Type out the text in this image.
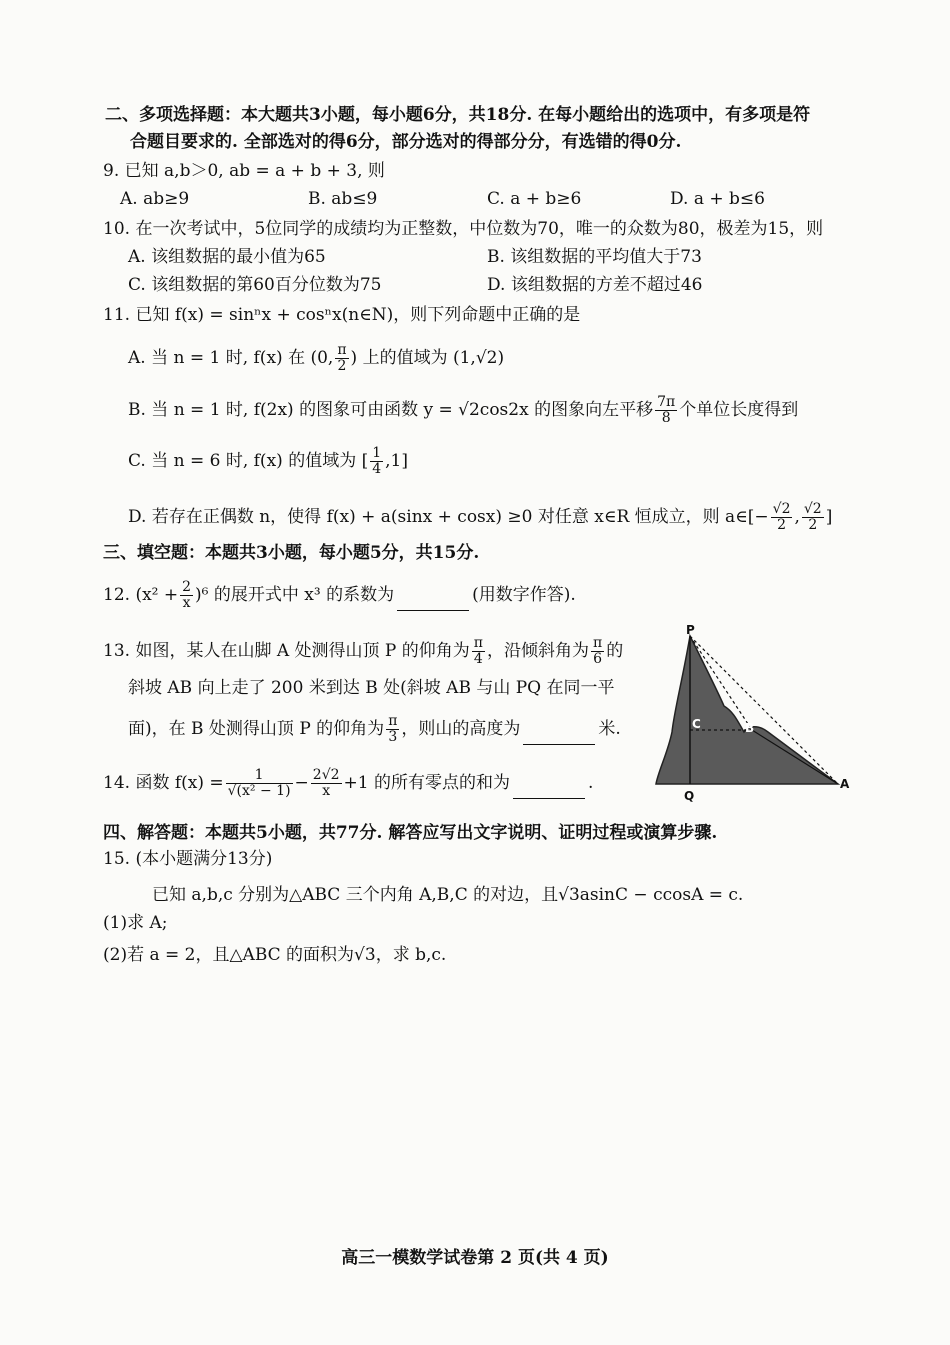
二、多项选择题：本大题共3小题，每小题6分，共18分. 在每小题给出的选项中，有多项是符
合题目要求的. 全部选对的得6分，部分选对的得部分分，有选错的得0分.
9. 已知 a,b＞0, ab = a + b + 3, 则
A. ab≥9	B. ab≤9	C. a + b≥6	D. a + b≤6
10. 在一次考试中，5位同学的成绩均为正整数，中位数为70，唯一的众数为80，极差为15，则
A. 该组数据的最小值为65	B. 该组数据的平均值大于73
C. 该组数据的第60百分位数为75	D. 该组数据的方差不超过46
11. 已知 f(x) = sinⁿx + cosⁿx(n∈N)，则下列命题中正确的是
A. 当 n = 1 时, f(x) 在 (0, $\frac{\pi}{2}$ ) 上的值域为 (1,√2)
B. 当 n = 1 时, f(2x) 的图象可由函数 y = √2cos2x 的图象向左平移 $\frac{7\pi}{8}$ 个单位长度得到
C. 当 n = 6 时, f(x) 的值域为 [ $\frac{1}{4} ,1$]
D. 若存在正偶数 n，使得 f(x) + a(sinx + cosx) ≥0 对任意 x∈R 恒成立，则 a∈[− $\frac{√2}{2}$ , $\frac{√2}{2}$ ]
三、填空题：本题共3小题，每小题5分，共15分.
12. $(x^2 + \frac{2}{x} )^6$ 的展开式中 x³ 的系数为	(用数字作答).
13. 如图，某人在山脚 A 处测得山顶 P 的仰角为 $\frac{\pi}{4}$ ，沿倾斜角为 $\frac{\pi}{6}$ 的
斜坡 AB 向上走了 200 米到达 B 处(斜坡 AB 与山 PQ 在同一平
面)，在 B 处测得山顶 P 的仰角为 $\frac{\pi}{3}$ ，则山的高度为	米.
14. 函数 $f(x) = \frac{1}{\text{√(x² − 1)}} - \frac{2√2}{x} +1$ 的所有零点的和为	.
P
C	B
A
Q
四、解答题：本题共5小题，共77分. 解答应写出文字说明、证明过程或演算步骤.
15. (本小题满分13分)
已知 a,b,c 分别为△ABC 三个内角 A,B,C 的对边，且√3asinC − ccosA = c.
(1)求 A;
(2)若 a = 2，且△ABC 的面积为√3，求 b,c.
高三一模数学试卷第 2 页(共 4 页)
